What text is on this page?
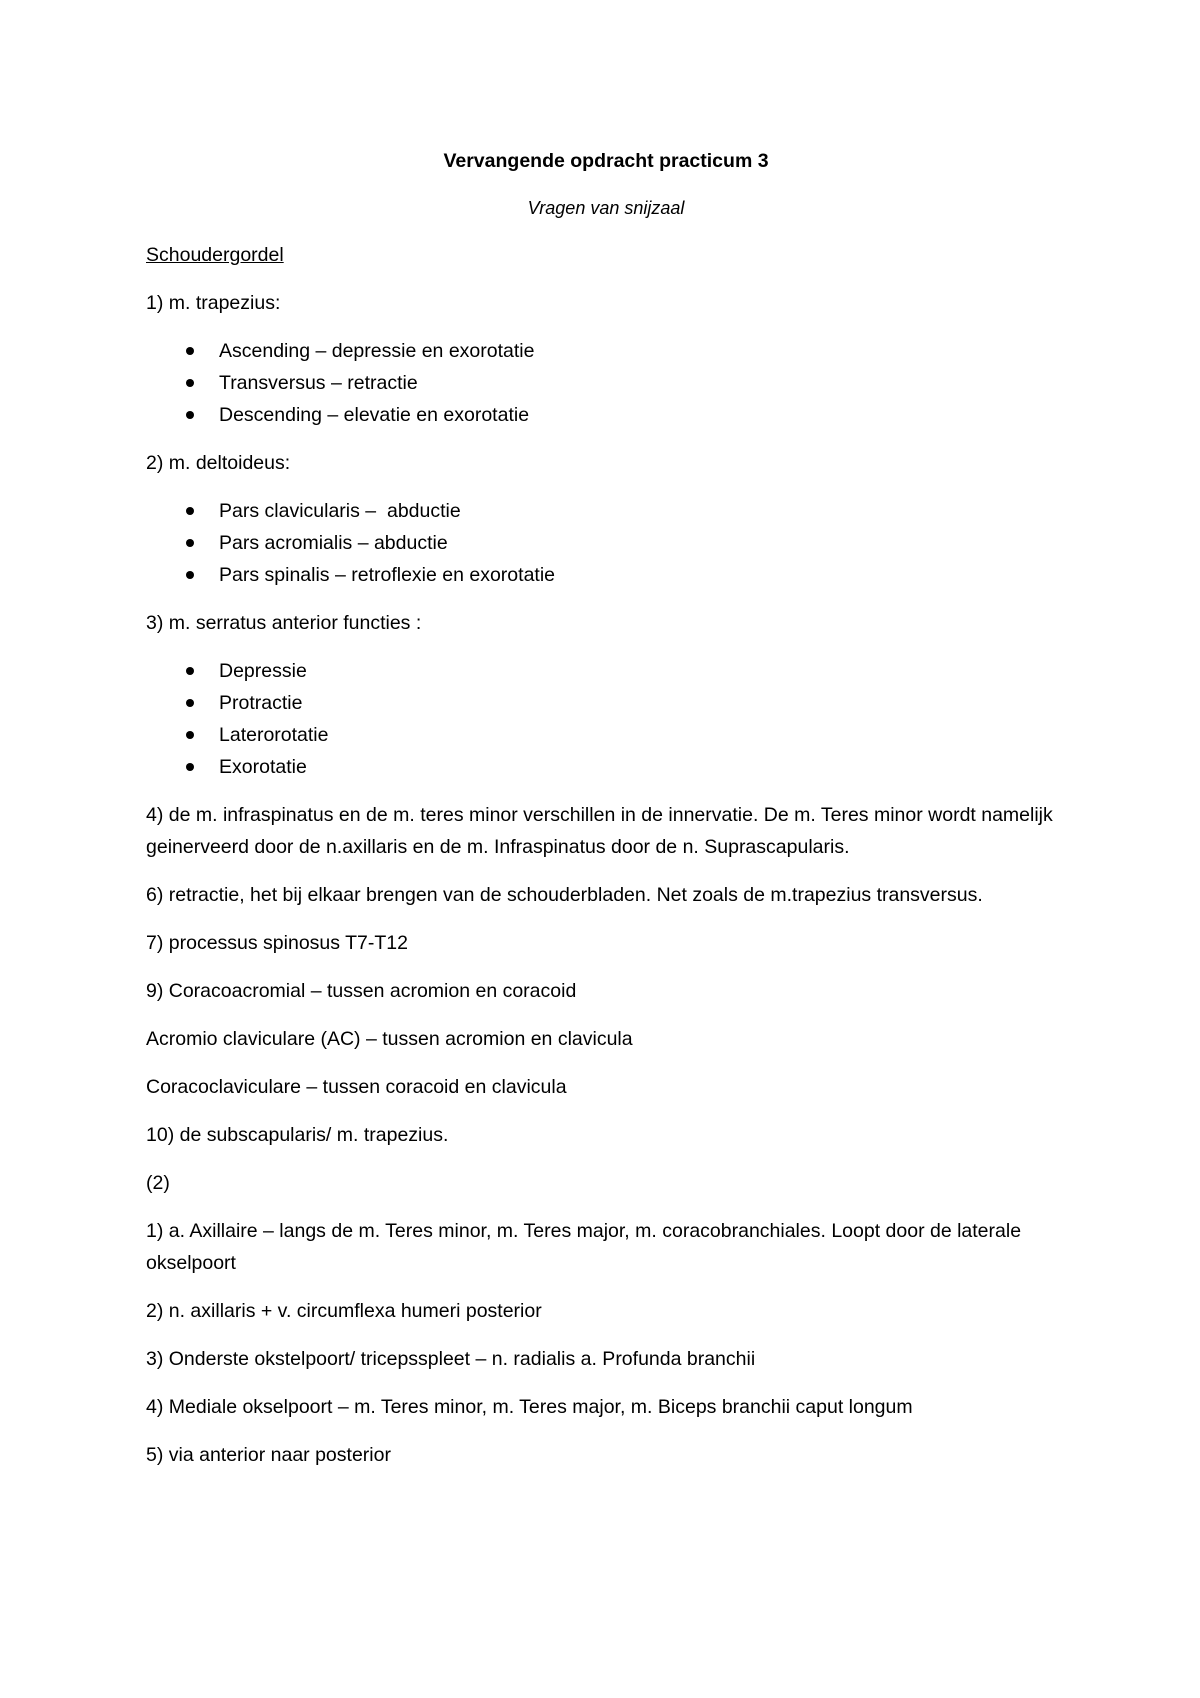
Vervangende opdracht practicum 3
Vragen van snijzaal
Schoudergordel
1) m. trapezius:
Ascending – depressie en exorotatie
Transversus – retractie
Descending – elevatie en exorotatie
2) m. deltoideus:
Pars clavicularis –  abductie
Pars acromialis – abductie
Pars spinalis – retroflexie en exorotatie
3) m. serratus anterior functies :
Depressie
Protractie
Laterorotatie
Exorotatie
4) de m. infraspinatus en de m. teres minor verschillen in de innervatie. De m. Teres minor wordt namelijk geinerveerd door de n.axillaris en de m. Infraspinatus door de n. Suprascapularis.
6) retractie, het bij elkaar brengen van de schouderbladen. Net zoals de m.trapezius transversus.
7) processus spinosus T7-T12
9) Coracoacromial – tussen acromion en coracoid
Acromio claviculare (AC) – tussen acromion en clavicula
Coracoclaviculare – tussen coracoid en clavicula
10) de subscapularis/ m. trapezius.
(2)
1) a. Axillaire – langs de m. Teres minor, m. Teres major, m. coracobranchiales. Loopt door de laterale okselpoort
2) n. axillaris + v. circumflexa humeri posterior
3) Onderste okstelpoort/ tricepsspleet – n. radialis a. Profunda branchii
4) Mediale okselpoort – m. Teres minor, m. Teres major, m. Biceps branchii caput longum
5) via anterior naar posterior
